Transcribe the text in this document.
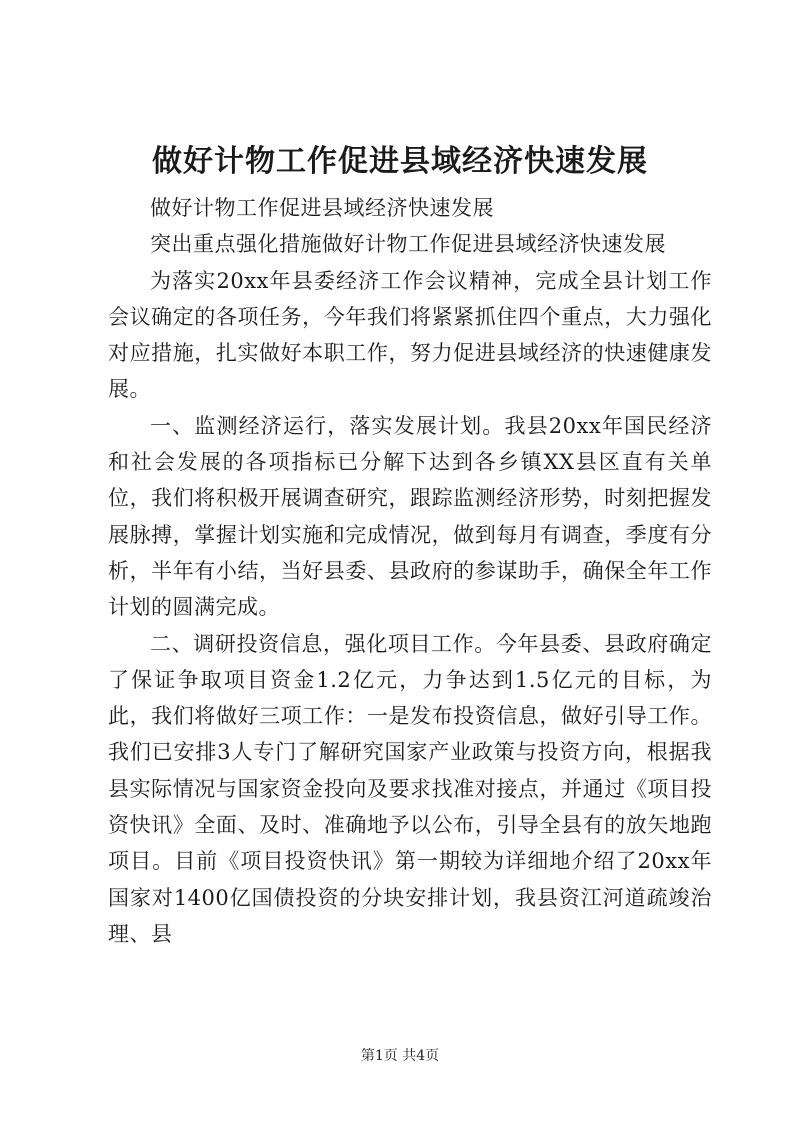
做好计物工作促进县域经济快速发展

做好计物工作促进县域经济快速发展

突出重点强化措施做好计物工作促进县域经济快速发展

为落实20xx年县委经济工作会议精神，完成全县计划工作会议确定的各项任务，今年我们将紧紧抓住四个重点，大力强化对应措施，扎实做好本职工作，努力促进县域经济的快速健康发展。

一、监测经济运行，落实发展计划。我县20xx年国民经济和社会发展的各项指标已分解下达到各乡镇XX县区直有关单位，我们将积极开展调查研究，跟踪监测经济形势，时刻把握发展脉搏，掌握计划实施和完成情况，做到每月有调查，季度有分析，半年有小结，当好县委、县政府的参谋助手，确保全年工作计划的圆满完成。

二、调研投资信息，强化项目工作。今年县委、县政府确定了保证争取项目资金1.2亿元，力争达到1.5亿元的目标，为此，我们将做好三项工作：一是发布投资信息，做好引导工作。我们已安排3人专门了解研究国家产业政策与投资方向，根据我县实际情况与国家资金投向及要求找准对接点，并通过《项目投资快讯》全面、及时、准确地予以公布，引导全县有的放矢地跑项目。目前《项目投资快讯》第一期较为详细地介绍了20xx年国家对1400亿国债投资的分块安排计划，我县资江河道疏竣治理、县

第1页 共4页
